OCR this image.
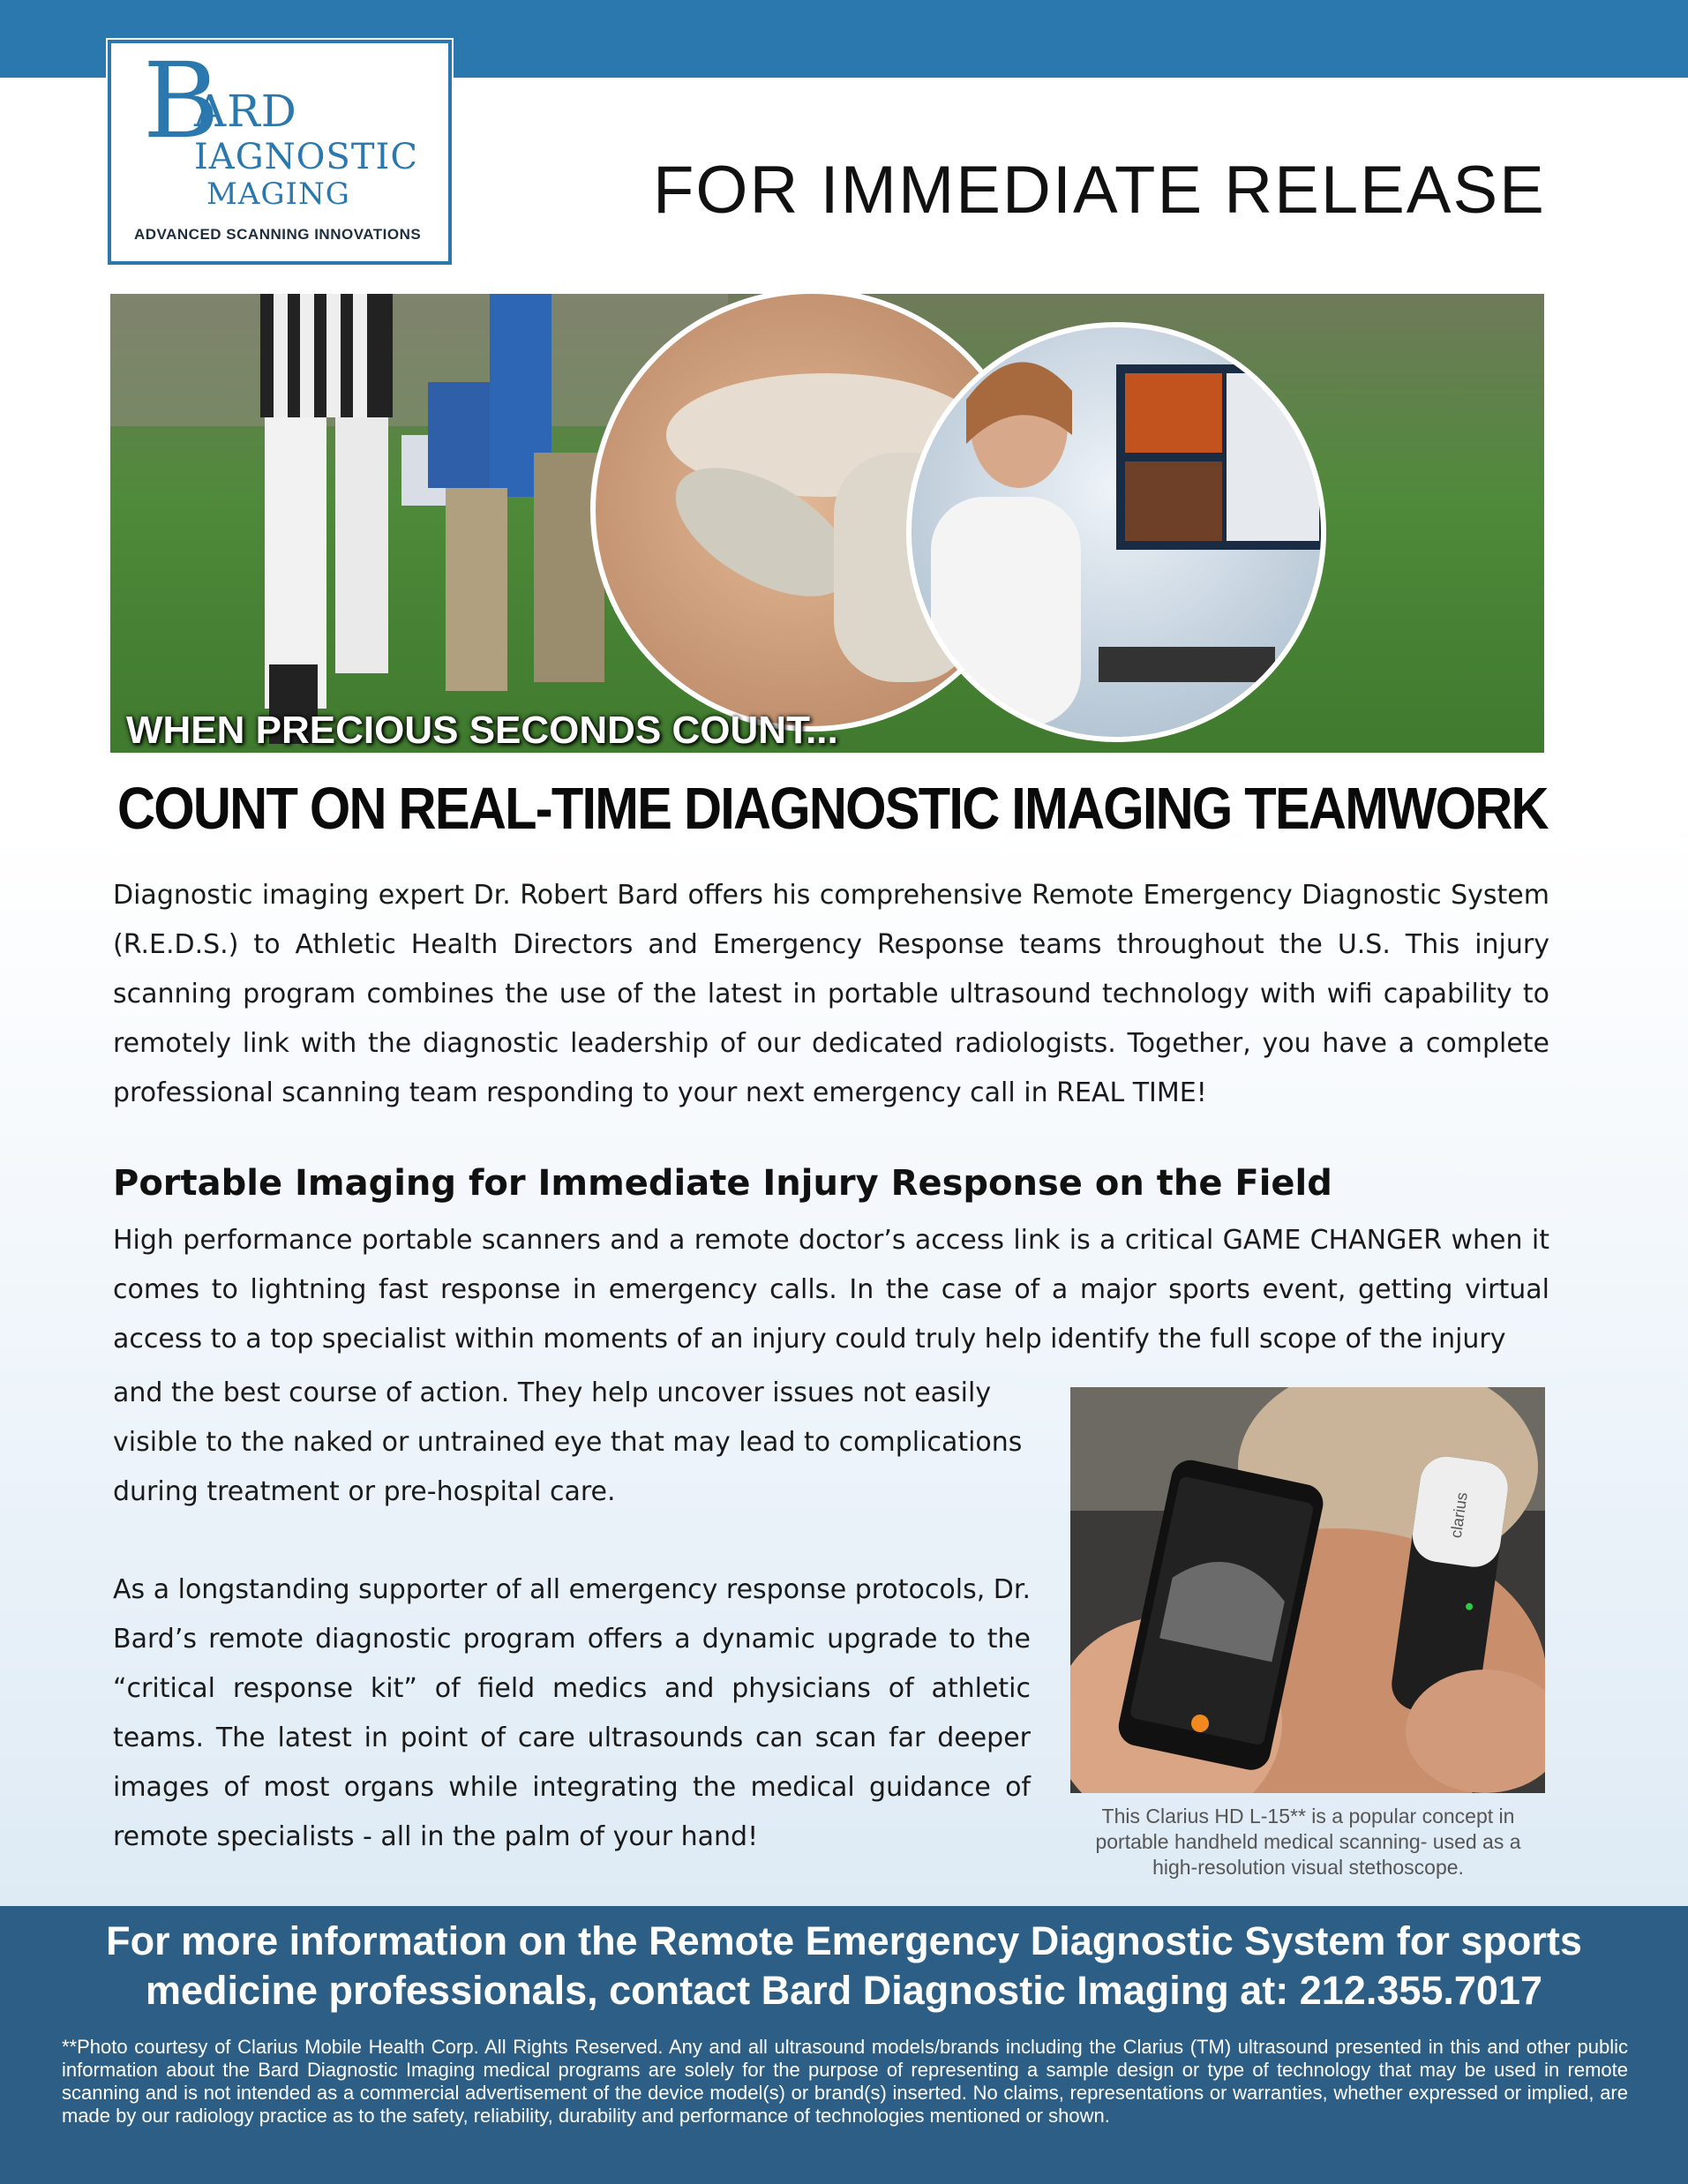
B
ARD
IAGNOSTIC
MAGING
ADVANCED SCANNING INNOVATIONS
FOR IMMEDIATE RELEASE
WHEN PRECIOUS SECONDS COUNT...
COUNT ON REAL-TIME DIAGNOSTIC IMAGING TEAMWORK

Diagnostic imaging expert Dr. Robert Bard offers his comprehensive Remote Emergency Diagnostic System (R.E.D.S.) to Athletic Health Directors and Emergency Response teams throughout the U.S. This injury scanning program combines the use of the latest in portable ultrasound technology with wifi capability to remotely link with the diagnostic leadership of our dedicated radiologists. Together, you have a complete professional scanning team responding to your next emergency call in REAL TIME!

Portable Imaging for Immediate Injury Response on the Field

High performance portable scanners and a remote doctor’s access link is a critical GAME CHANGER when it comes to lightning fast response in emergency calls. In the case of a major sports event, getting virtual access to a top specialist within moments of an injury could truly help identify the full scope of the injury

and the best course of action. They help uncover issues not easily visible to the naked or untrained eye that may lead to complications during treatment or pre-hospital care.

As a longstanding supporter of all emergency response protocols, Dr. Bard’s remote diagnostic program offers a dynamic upgrade to the “critical response kit” of field medics and physicians of athletic teams. The latest in point of care ultrasounds can scan far deeper images of most organs while integrating the medical guidance of remote specialists - all in the palm of your hand!

clarius
This Clarius HD L-15** is a popular concept in
portable handheld medical scanning- used as a
high-resolution visual stethoscope.
For more information on the Remote Emergency Diagnostic System for sports
medicine professionals, contact Bard Diagnostic Imaging at: 212.355.7017
**Photo courtesy of Clarius Mobile Health Corp. All Rights Reserved. Any and all ultrasound models/brands including the Clarius (TM) ultrasound presented in this and other public information about the Bard Diagnostic Imaging medical programs are solely for the purpose of representing a sample design or type of technology that may be used in remote scanning and is not intended as a commercial advertisement of the device model(s) or brand(s) inserted. No claims, representations or warranties, whether expressed or implied, are made by our radiology practice as to the safety, reliability, durability and performance of technologies mentioned or shown.
